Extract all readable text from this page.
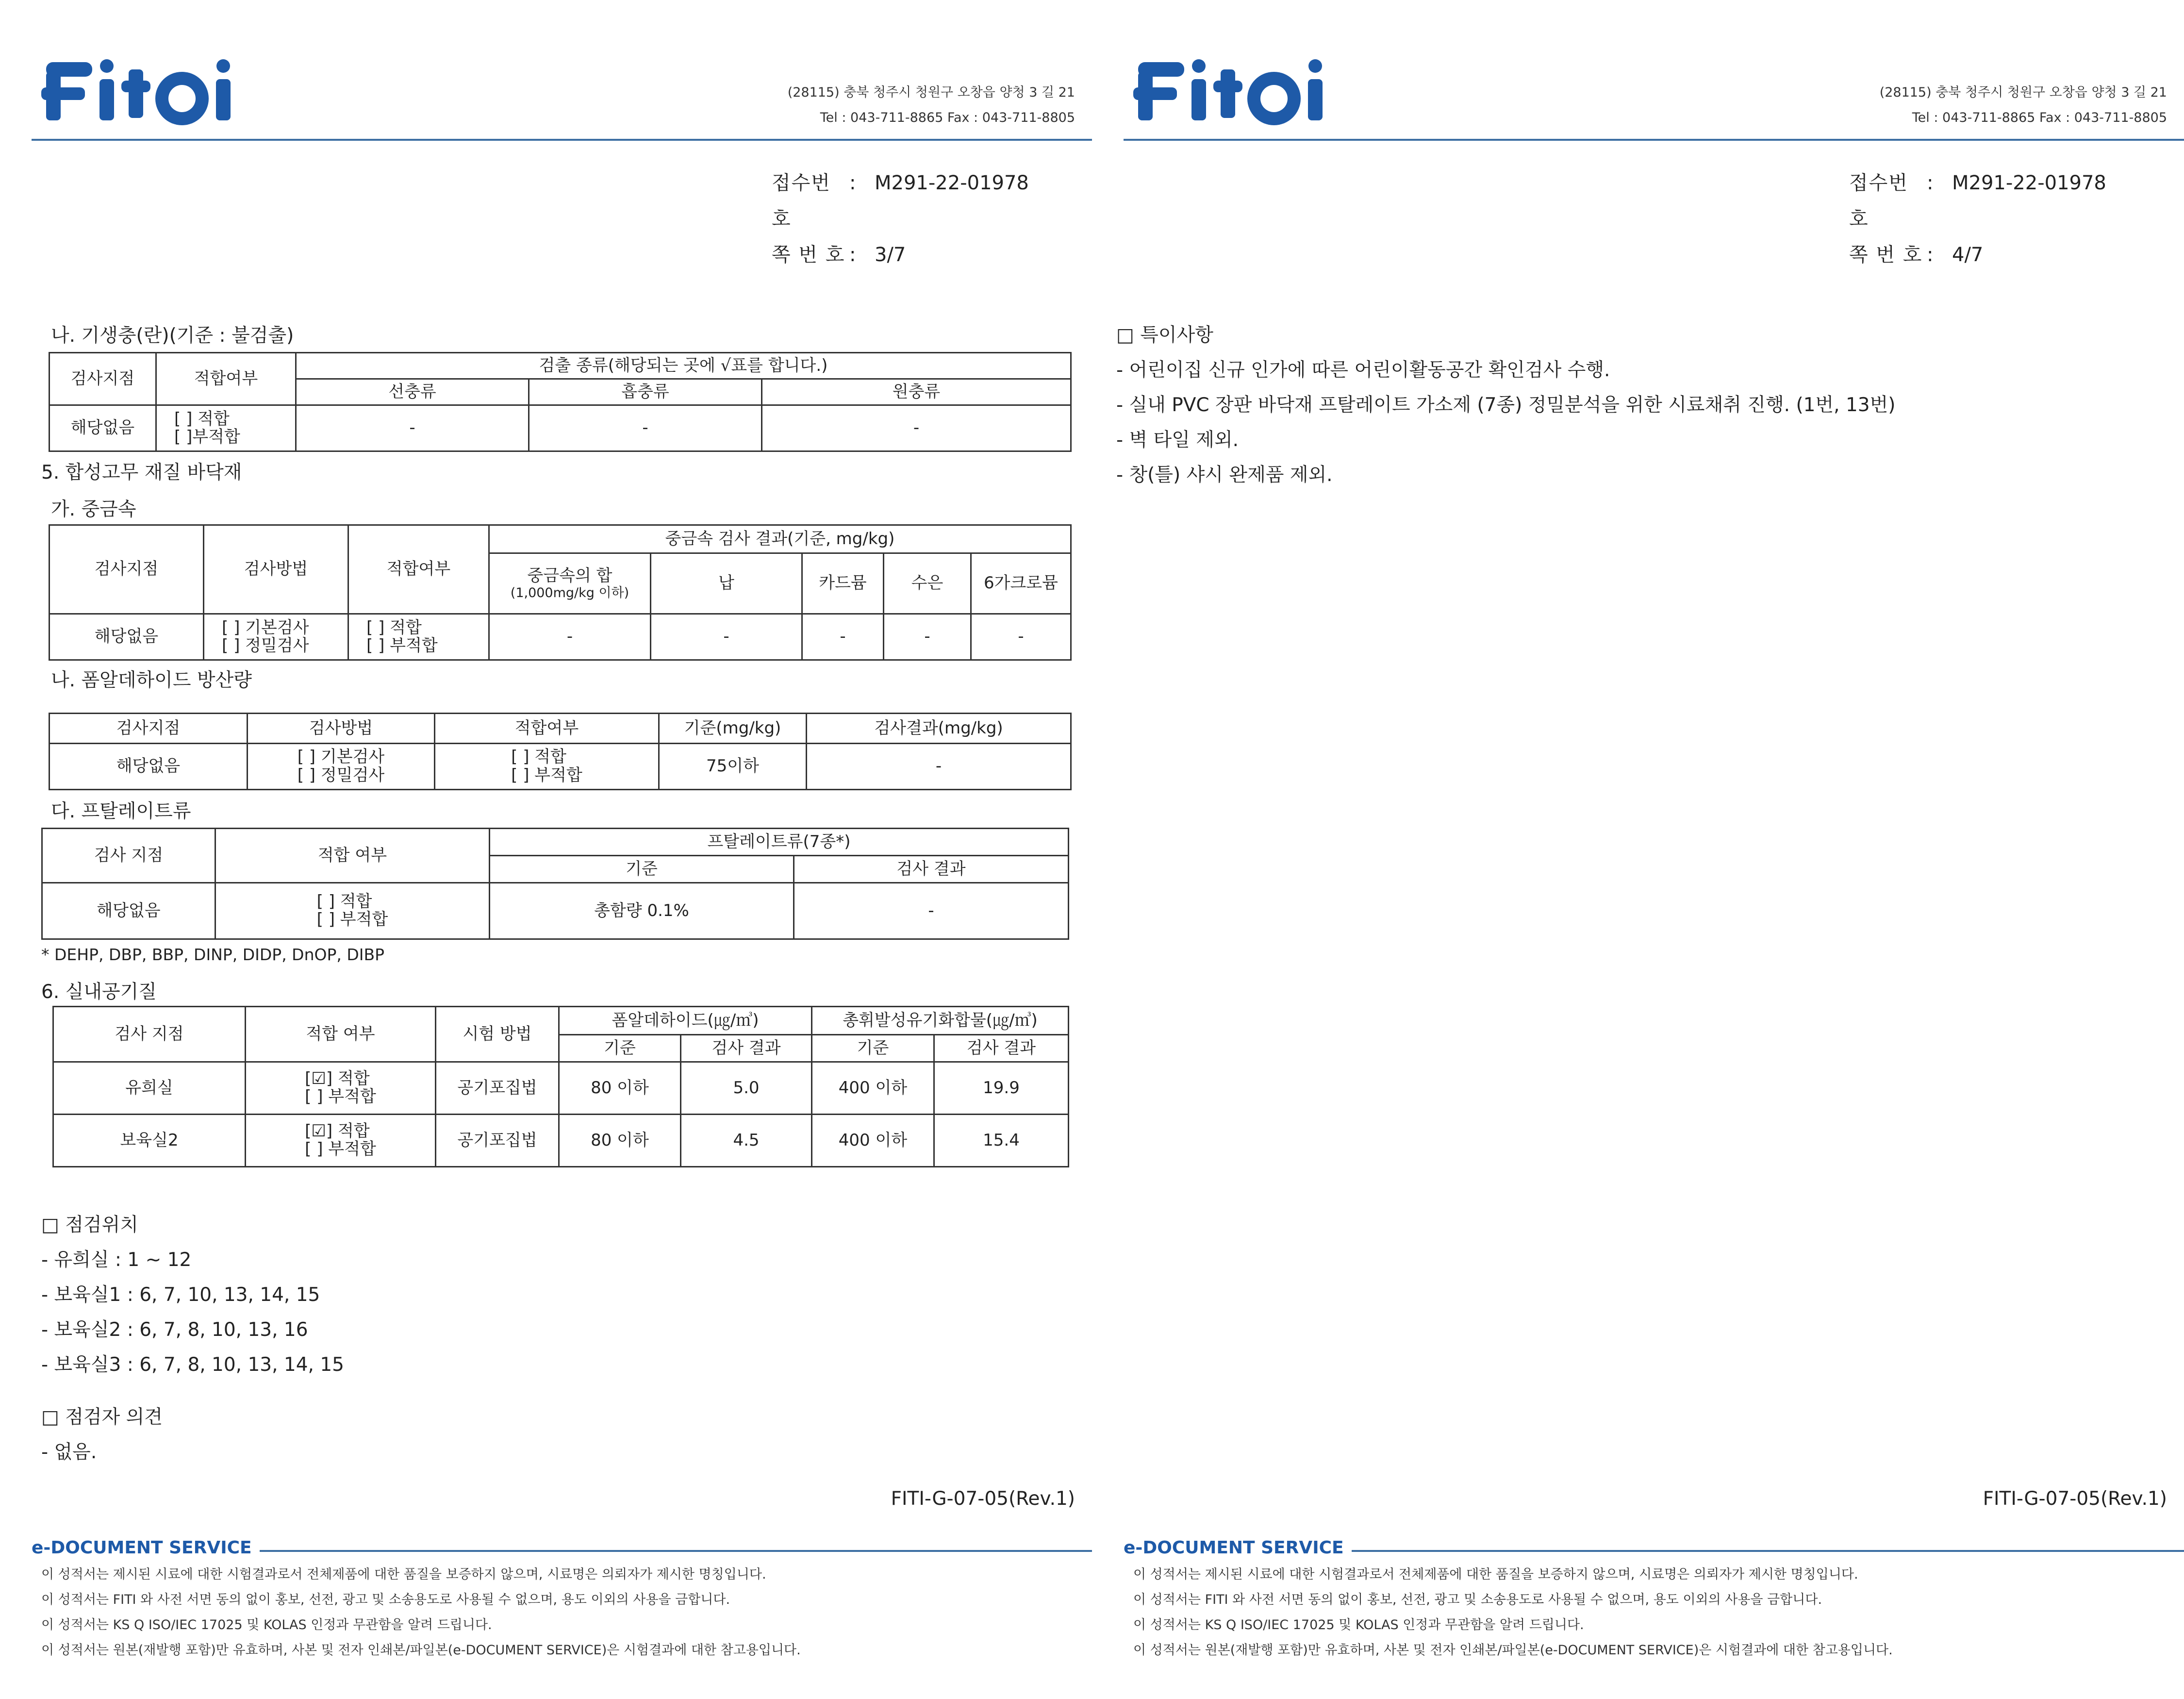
(28115) 충북 청주시 청원구 오창읍 양청 3 길 21
Tel : 043-711-8865 Fax : 043-711-8805
접수번호
: M291-22-01978
쪽 번 호 : 3/7
나. 기생충(란)(기준 : 불검출)
검사지점	적합여부	검출 종류(해당되는 곳에 √표를 합니다.)		
		선충류	흡충류	원충류
해당없음	[ ] 적합
[ ]부적합	-	-	-
5. 합성고무 재질 바닥재
가. 중금속
검사지점	검사방법	적합여부	중금속 검사 결과(기준, mg/kg)				

			중금속의 합
(1,000mg/kg 이하)	납	카드뮴	수은	6가크로뮴
해당없음	[ ] 기본검사
[ ] 정밀검사	[ ] 적합
[ ] 부적합	-	-	-	-	-
나. 폼알데하이드 방산량
검사지점	검사방법	적합여부	기준(mg/kg)	검사결과(mg/kg)
해당없음	[ ] 기본검사
[ ] 정밀검사	[ ] 적합
[ ] 부적합	75이하	-
다. 프탈레이트류
검사 지점	적합 여부	프탈레이트류(7종*)	
		기준	검사 결과
해당없음	[ ] 적합
[ ] 부적합	총함량 0.1%	-
* DEHP, DBP, BBP, DINP, DIDP, DnOP, DIBP
6. 실내공기질
검사 지점	적합 여부	시험 방법	폼알데하이드(㎍/㎥)		총휘발성유기화합물(㎍/㎥)	
			기준	검사 결과	기준	검사 결과
유희실	[☑] 적합
[ ] 부적합	공기포집법	80 이하	5.0	400 이하	19.9
보육실2	[☑] 적합
[ ] 부적합	공기포집법	80 이하	4.5	400 이하	15.4
□ 점검위치
- 유희실 : 1 ~ 12
- 보육실1 : 6, 7, 10, 13, 14, 15
- 보육실2 : 6, 7, 8, 10, 13, 16
- 보육실3 : 6, 7, 8, 10, 13, 14, 15
□ 점검자 의견
- 없음.
FITI-G-07-05(Rev.1)
e-DOCUMENT SERVICE
이 성적서는 제시된 시료에 대한 시험결과로서 전체제품에 대한 품질을 보증하지 않으며, 시료명은 의뢰자가 제시한 명칭입니다.
이 성적서는 FITI 와 사전 서면 동의 없이 홍보, 선전, 광고 및 소송용도로 사용될 수 없으며, 용도 이외의 사용을 금합니다.
이 성적서는 KS Q ISO/IEC 17025 및 KOLAS 인정과 무관함을 알려 드립니다.
이 성적서는 원본(재발행 포함)만 유효하며, 사본 및 전자 인쇄본/파일본(e-DOCUMENT SERVICE)은 시험결과에 대한 참고용입니다.
(28115) 충북 청주시 청원구 오창읍 양청 3 길 21
Tel : 043-711-8865 Fax : 043-711-8805
접수번호
: M291-22-01978
쪽 번 호 : 4/7
□ 특이사항
- 어린이집 신규 인가에 따른 어린이활동공간 확인검사 수행.
- 실내 PVC 장판 바닥재 프탈레이트 가소제 (7종) 정밀분석을 위한 시료채취 진행. (1번, 13번)
- 벽 타일 제외.
- 창(틀) 샤시 완제품 제외.
FITI-G-07-05(Rev.1)
e-DOCUMENT SERVICE
이 성적서는 제시된 시료에 대한 시험결과로서 전체제품에 대한 품질을 보증하지 않으며, 시료명은 의뢰자가 제시한 명칭입니다.
이 성적서는 FITI 와 사전 서면 동의 없이 홍보, 선전, 광고 및 소송용도로 사용될 수 없으며, 용도 이외의 사용을 금합니다.
이 성적서는 KS Q ISO/IEC 17025 및 KOLAS 인정과 무관함을 알려 드립니다.
이 성적서는 원본(재발행 포함)만 유효하며, 사본 및 전자 인쇄본/파일본(e-DOCUMENT SERVICE)은 시험결과에 대한 참고용입니다.
